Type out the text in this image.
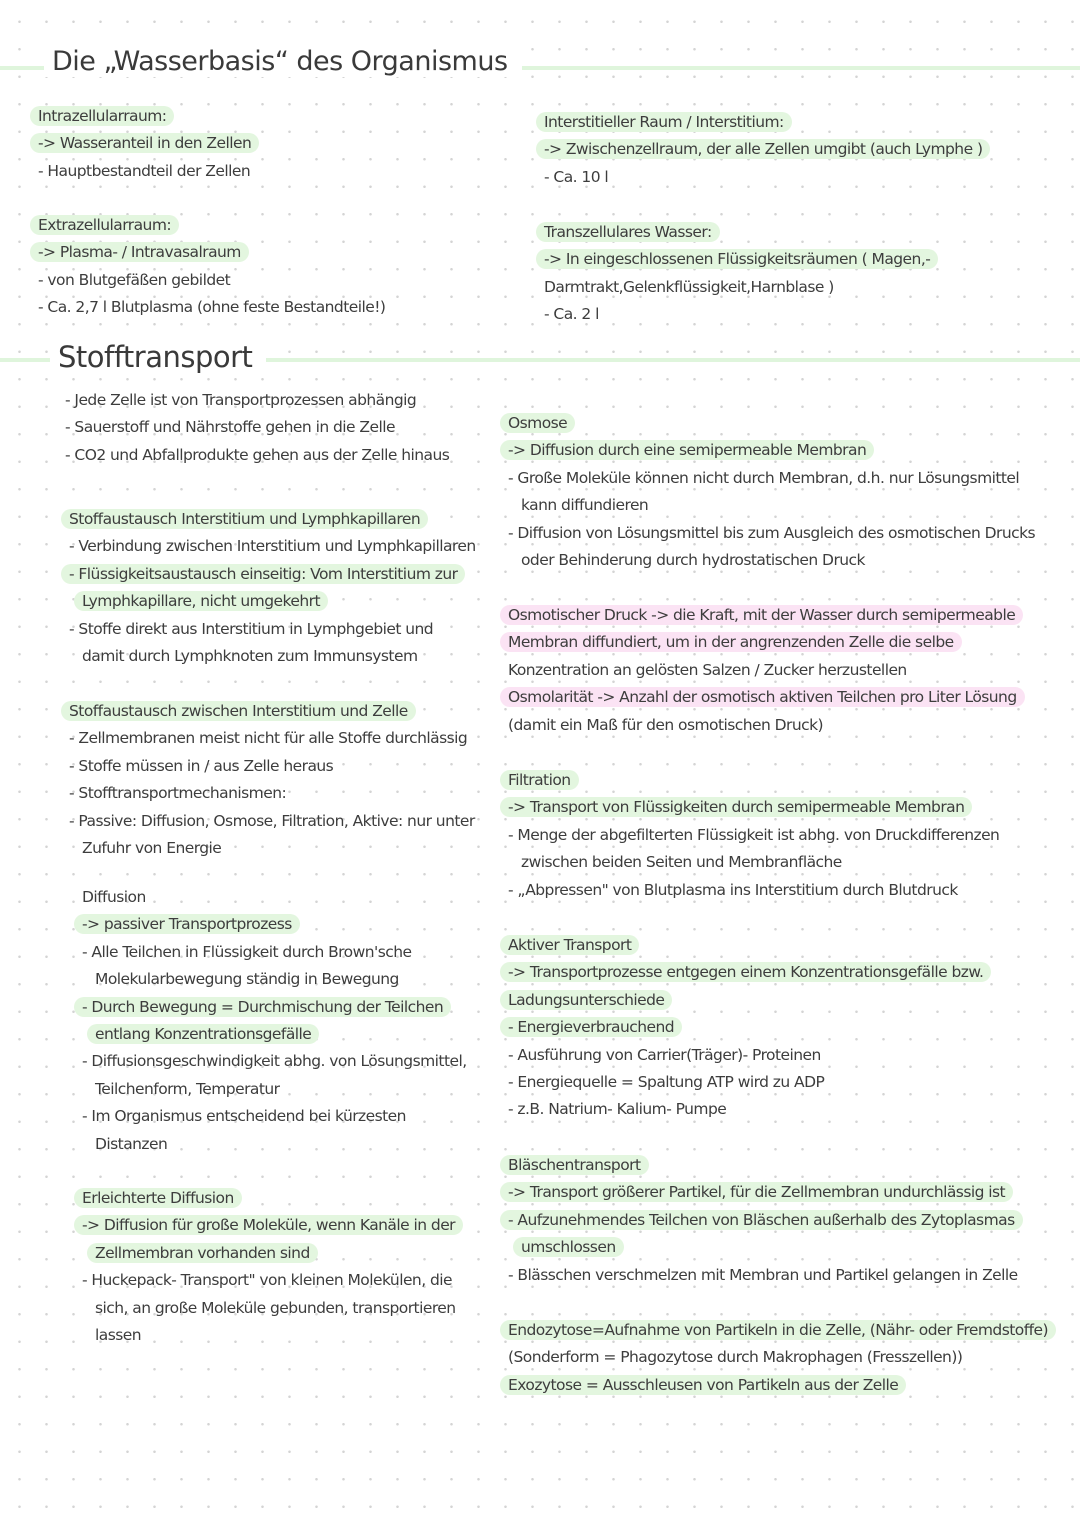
Die „Wasserbasis“ des Organismus
Stofftransport
Intrazellularraum:
-> Wasseranteil in den Zellen
- Hauptbestandteil der Zellen
Extrazellularraum:
-> Plasma- / Intravasalraum
- von Blutgefäßen gebildet
- Ca. 2,7 l Blutplasma (ohne feste Bestandteile!)
Interstitieller Raum / Interstitium:
-> Zwischenzellraum, der alle Zellen umgibt (auch Lymphe )
- Ca. 10 l
Transzellulares Wasser:
-> In eingeschlossenen Flüssigkeitsräumen ( Magen,-
Darmtrakt,Gelenkflüssigkeit,Harnblase )
- Ca. 2 l
- Jede Zelle ist von Transportprozessen abhängig
- Sauerstoff und Nährstoffe gehen in die Zelle
- CO2 und Abfallprodukte gehen aus der Zelle hinaus
Stoffaustausch Interstitium und Lymphkapillaren
- Verbindung zwischen Interstitium und Lymphkapillaren
- Flüssigkeitsaustausch einseitig: Vom Interstitium zur
Lymphkapillare, nicht umgekehrt
- Stoffe direkt aus Interstitium in Lymphgebiet und
damit durch Lymphknoten zum Immunsystem
Stoffaustausch zwischen Interstitium und Zelle
- Zellmembranen meist nicht für alle Stoffe durchlässig
- Stoffe müssen in / aus Zelle heraus
- Stofftransportmechanismen:
- Passive: Diffusion, Osmose, Filtration, Aktive: nur unter
Zufuhr von Energie
Diffusion
-> passiver Transportprozess
- Alle Teilchen in Flüssigkeit durch Brown'sche
Molekularbewegung ständig in Bewegung
- Durch Bewegung = Durchmischung der Teilchen
entlang Konzentrationsgefälle
- Diffusionsgeschwindigkeit abhg. von Lösungsmittel,
Teilchenform, Temperatur
- Im Organismus entscheidend bei kürzesten
Distanzen
Erleichterte Diffusion
-> Diffusion für große Moleküle, wenn Kanäle in der
Zellmembran vorhanden sind
- Huckepack- Transport" von kleinen Molekülen, die
sich, an große Moleküle gebunden, transportieren
lassen
Osmose
-> Diffusion durch eine semipermeable Membran
- Große Moleküle können nicht durch Membran, d.h. nur Lösungsmittel
kann diffundieren
- Diffusion von Lösungsmittel bis zum Ausgleich des osmotischen Drucks
oder Behinderung durch hydrostatischen Druck
Osmotischer Druck -> die Kraft, mit der Wasser durch semipermeable
Membran diffundiert, um in der angrenzenden Zelle die selbe
Konzentration an gelösten Salzen / Zucker herzustellen
Osmolarität -> Anzahl der osmotisch aktiven Teilchen pro Liter Lösung
(damit ein Maß für den osmotischen Druck)
Filtration
-> Transport von Flüssigkeiten durch semipermeable Membran
- Menge der abgefilterten Flüssigkeit ist abhg. von Druckdifferenzen
zwischen beiden Seiten und Membranfläche
- „Abpressen" von Blutplasma ins Interstitium durch Blutdruck
Aktiver Transport
-> Transportprozesse entgegen einem Konzentrationsgefälle bzw.
Ladungsunterschiede
- Energieverbrauchend
- Ausführung von Carrier(Träger)- Proteinen
- Energiequelle = Spaltung ATP wird zu ADP
- z.B. Natrium- Kalium- Pumpe
Bläschentransport
-> Transport größerer Partikel, für die Zellmembran undurchlässig ist
- Aufzunehmendes Teilchen von Bläschen außerhalb des Zytoplasmas
umschlossen
- Blässchen verschmelzen mit Membran und Partikel gelangen in Zelle
Endozytose=Aufnahme von Partikeln in die Zelle, (Nähr- oder Fremdstoffe)
(Sonderform = Phagozytose durch Makrophagen (Fresszellen))
Exozytose = Ausschleusen von Partikeln aus der Zelle
